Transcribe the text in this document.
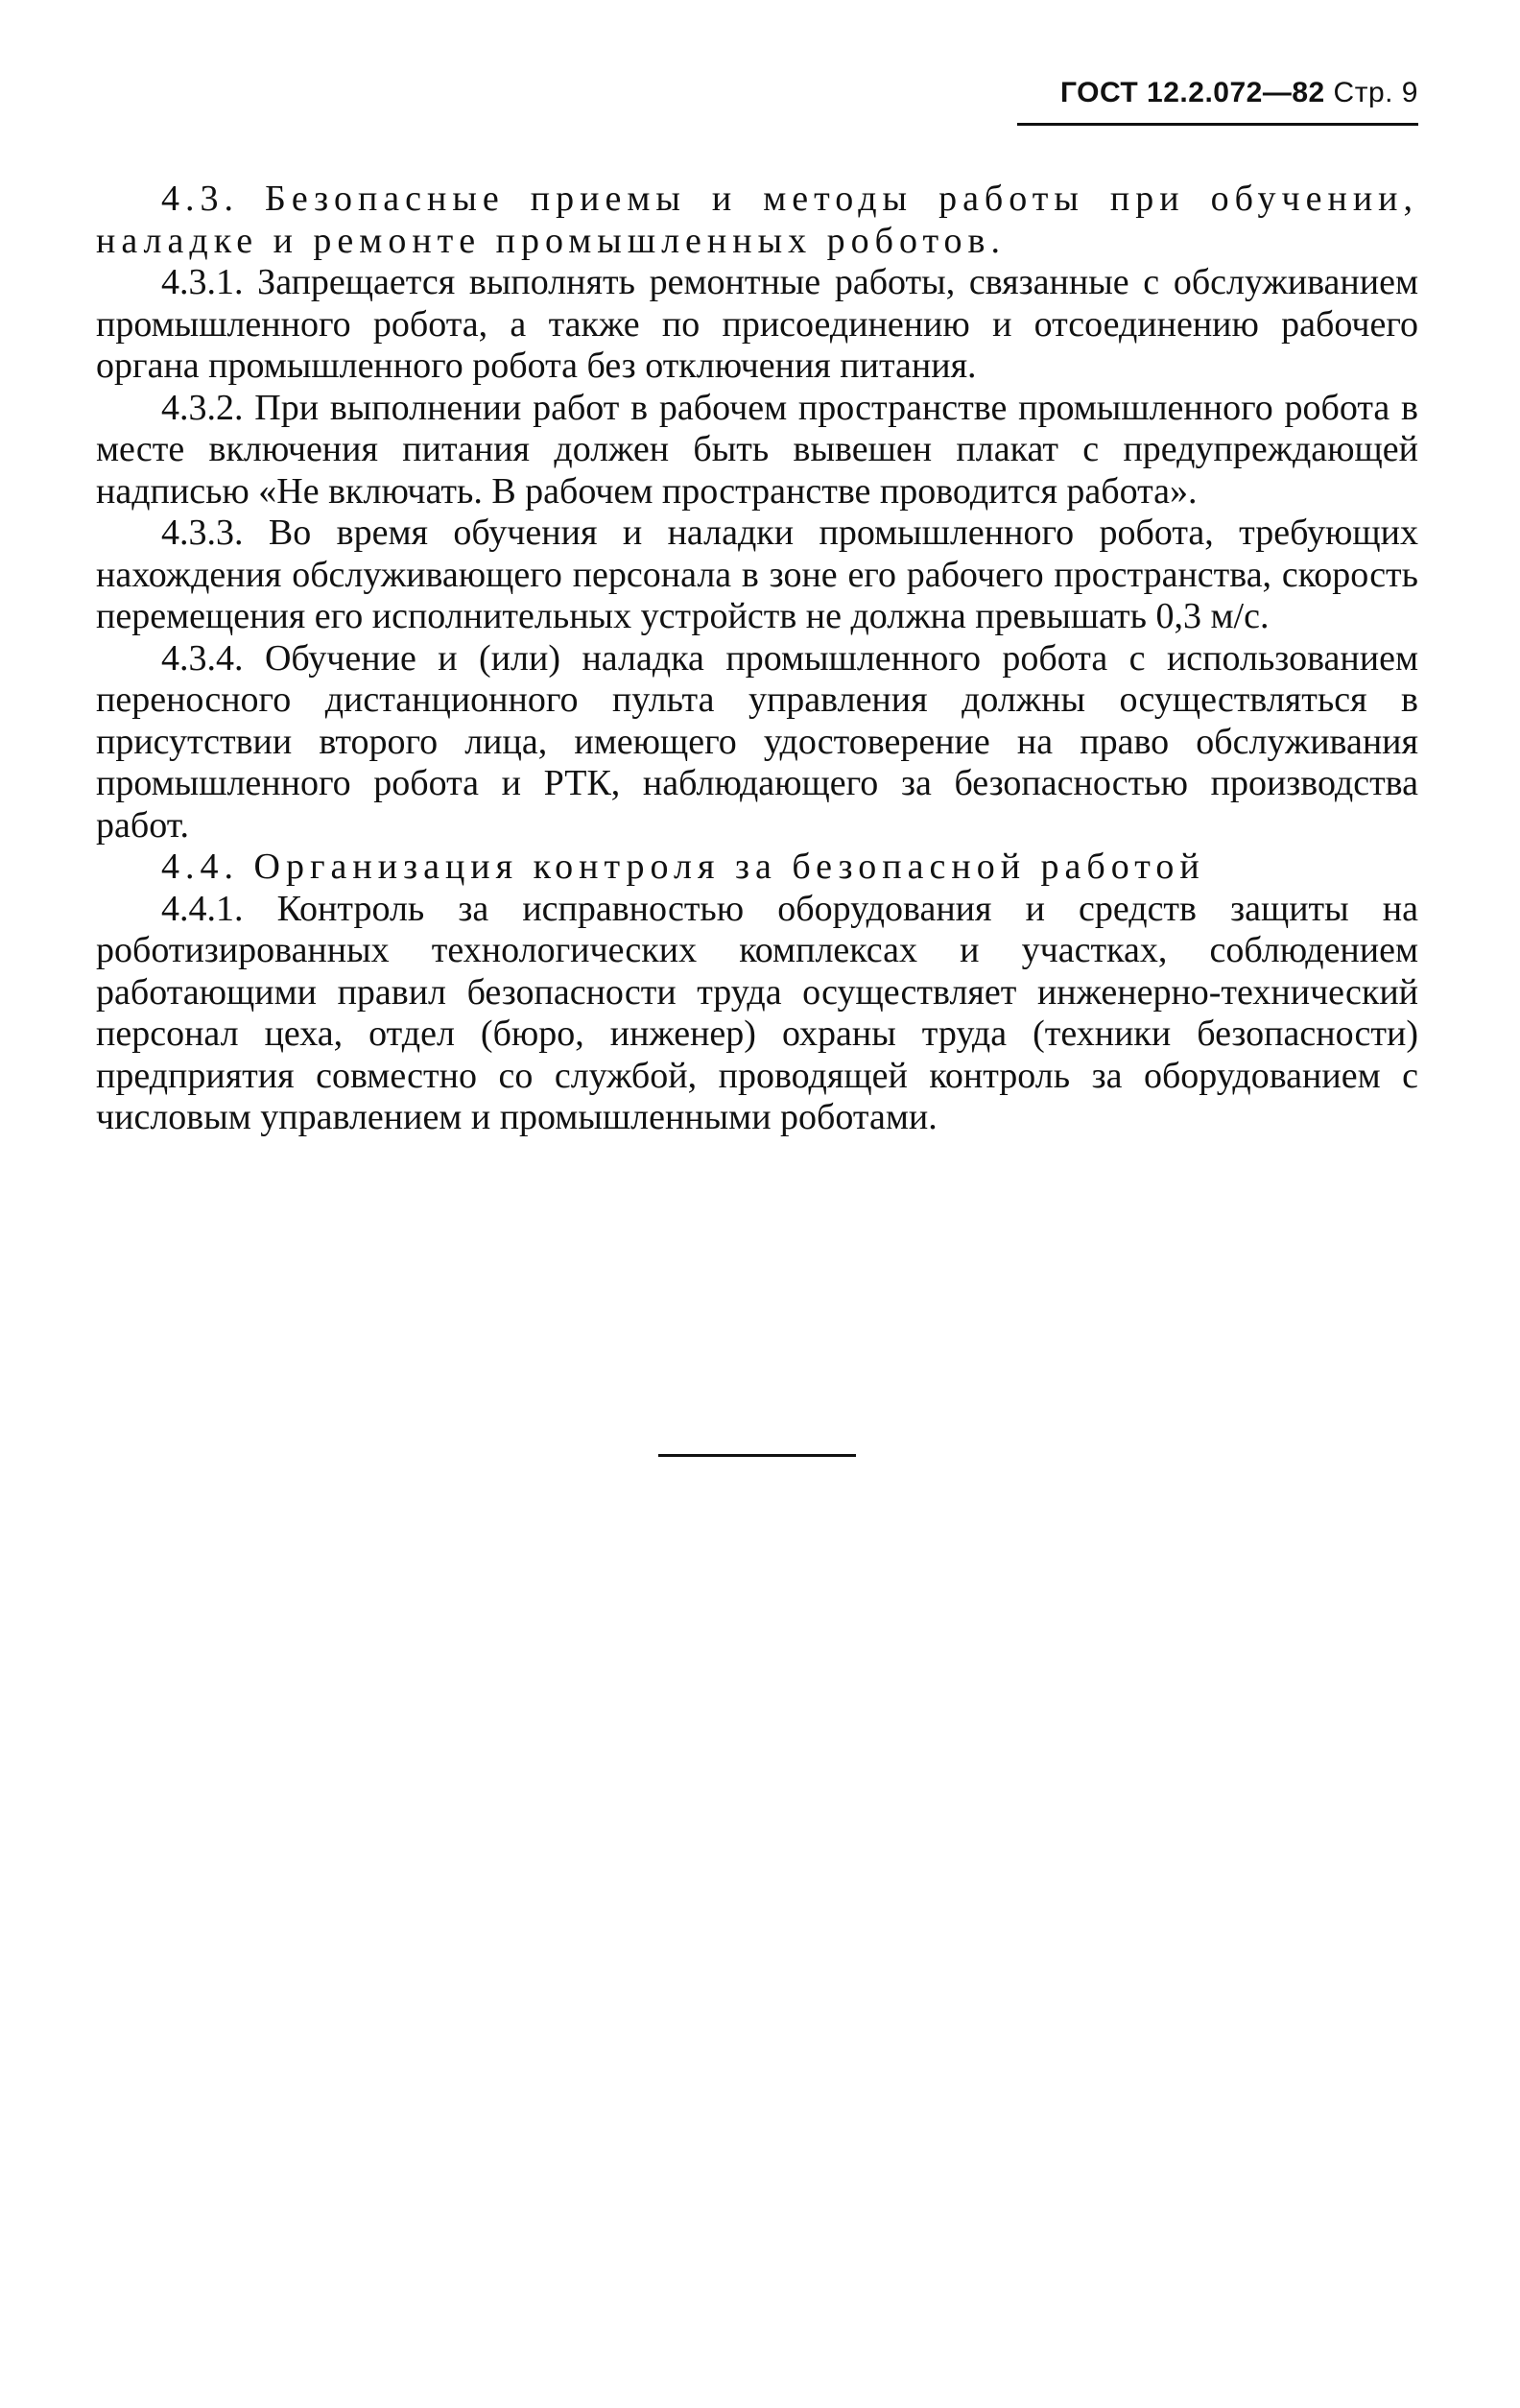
ГОСТ 12.2.072—82 Стр. 9

4.3. Безопасные приемы и методы работы при обучении, наладке и ремонте промышленных роботов.

4.3.1. Запрещается выполнять ремонтные работы, связанные с обслуживанием промышленного робота, а также по присоединению и отсоединению рабочего органа промышленного робота без отключения питания.

4.3.2. При выполнении работ в рабочем пространстве промышленного робота в месте включения питания должен быть вывешен плакат с предупреждающей надписью «Не включать. В рабочем пространстве проводится работа».

4.3.3. Во время обучения и наладки промышленного робота, требующих нахождения обслуживающего персонала в зоне его рабочего пространства, скорость перемещения его исполнительных устройств не должна превышать 0,3 м/с.

4.3.4. Обучение и (или) наладка промышленного робота с использованием переносного дистанционного пульта управления должны осуществляться в присутствии второго лица, имеющего удостоверение на право обслуживания промышленного робота и РТК, наблюдающего за безопасностью производства работ.

4.4. Организация контроля за безопасной работой

4.4.1. Контроль за исправностью оборудования и средств защиты на роботизированных технологических комплексах и участках, соблюдением работающими правил безопасности труда осуществляет инженерно-технический персонал цеха, отдел (бюро, инженер) охраны труда (техники безопасности) предприятия совместно со службой, проводящей контроль за оборудованием с числовым управлением и промышленными роботами.
